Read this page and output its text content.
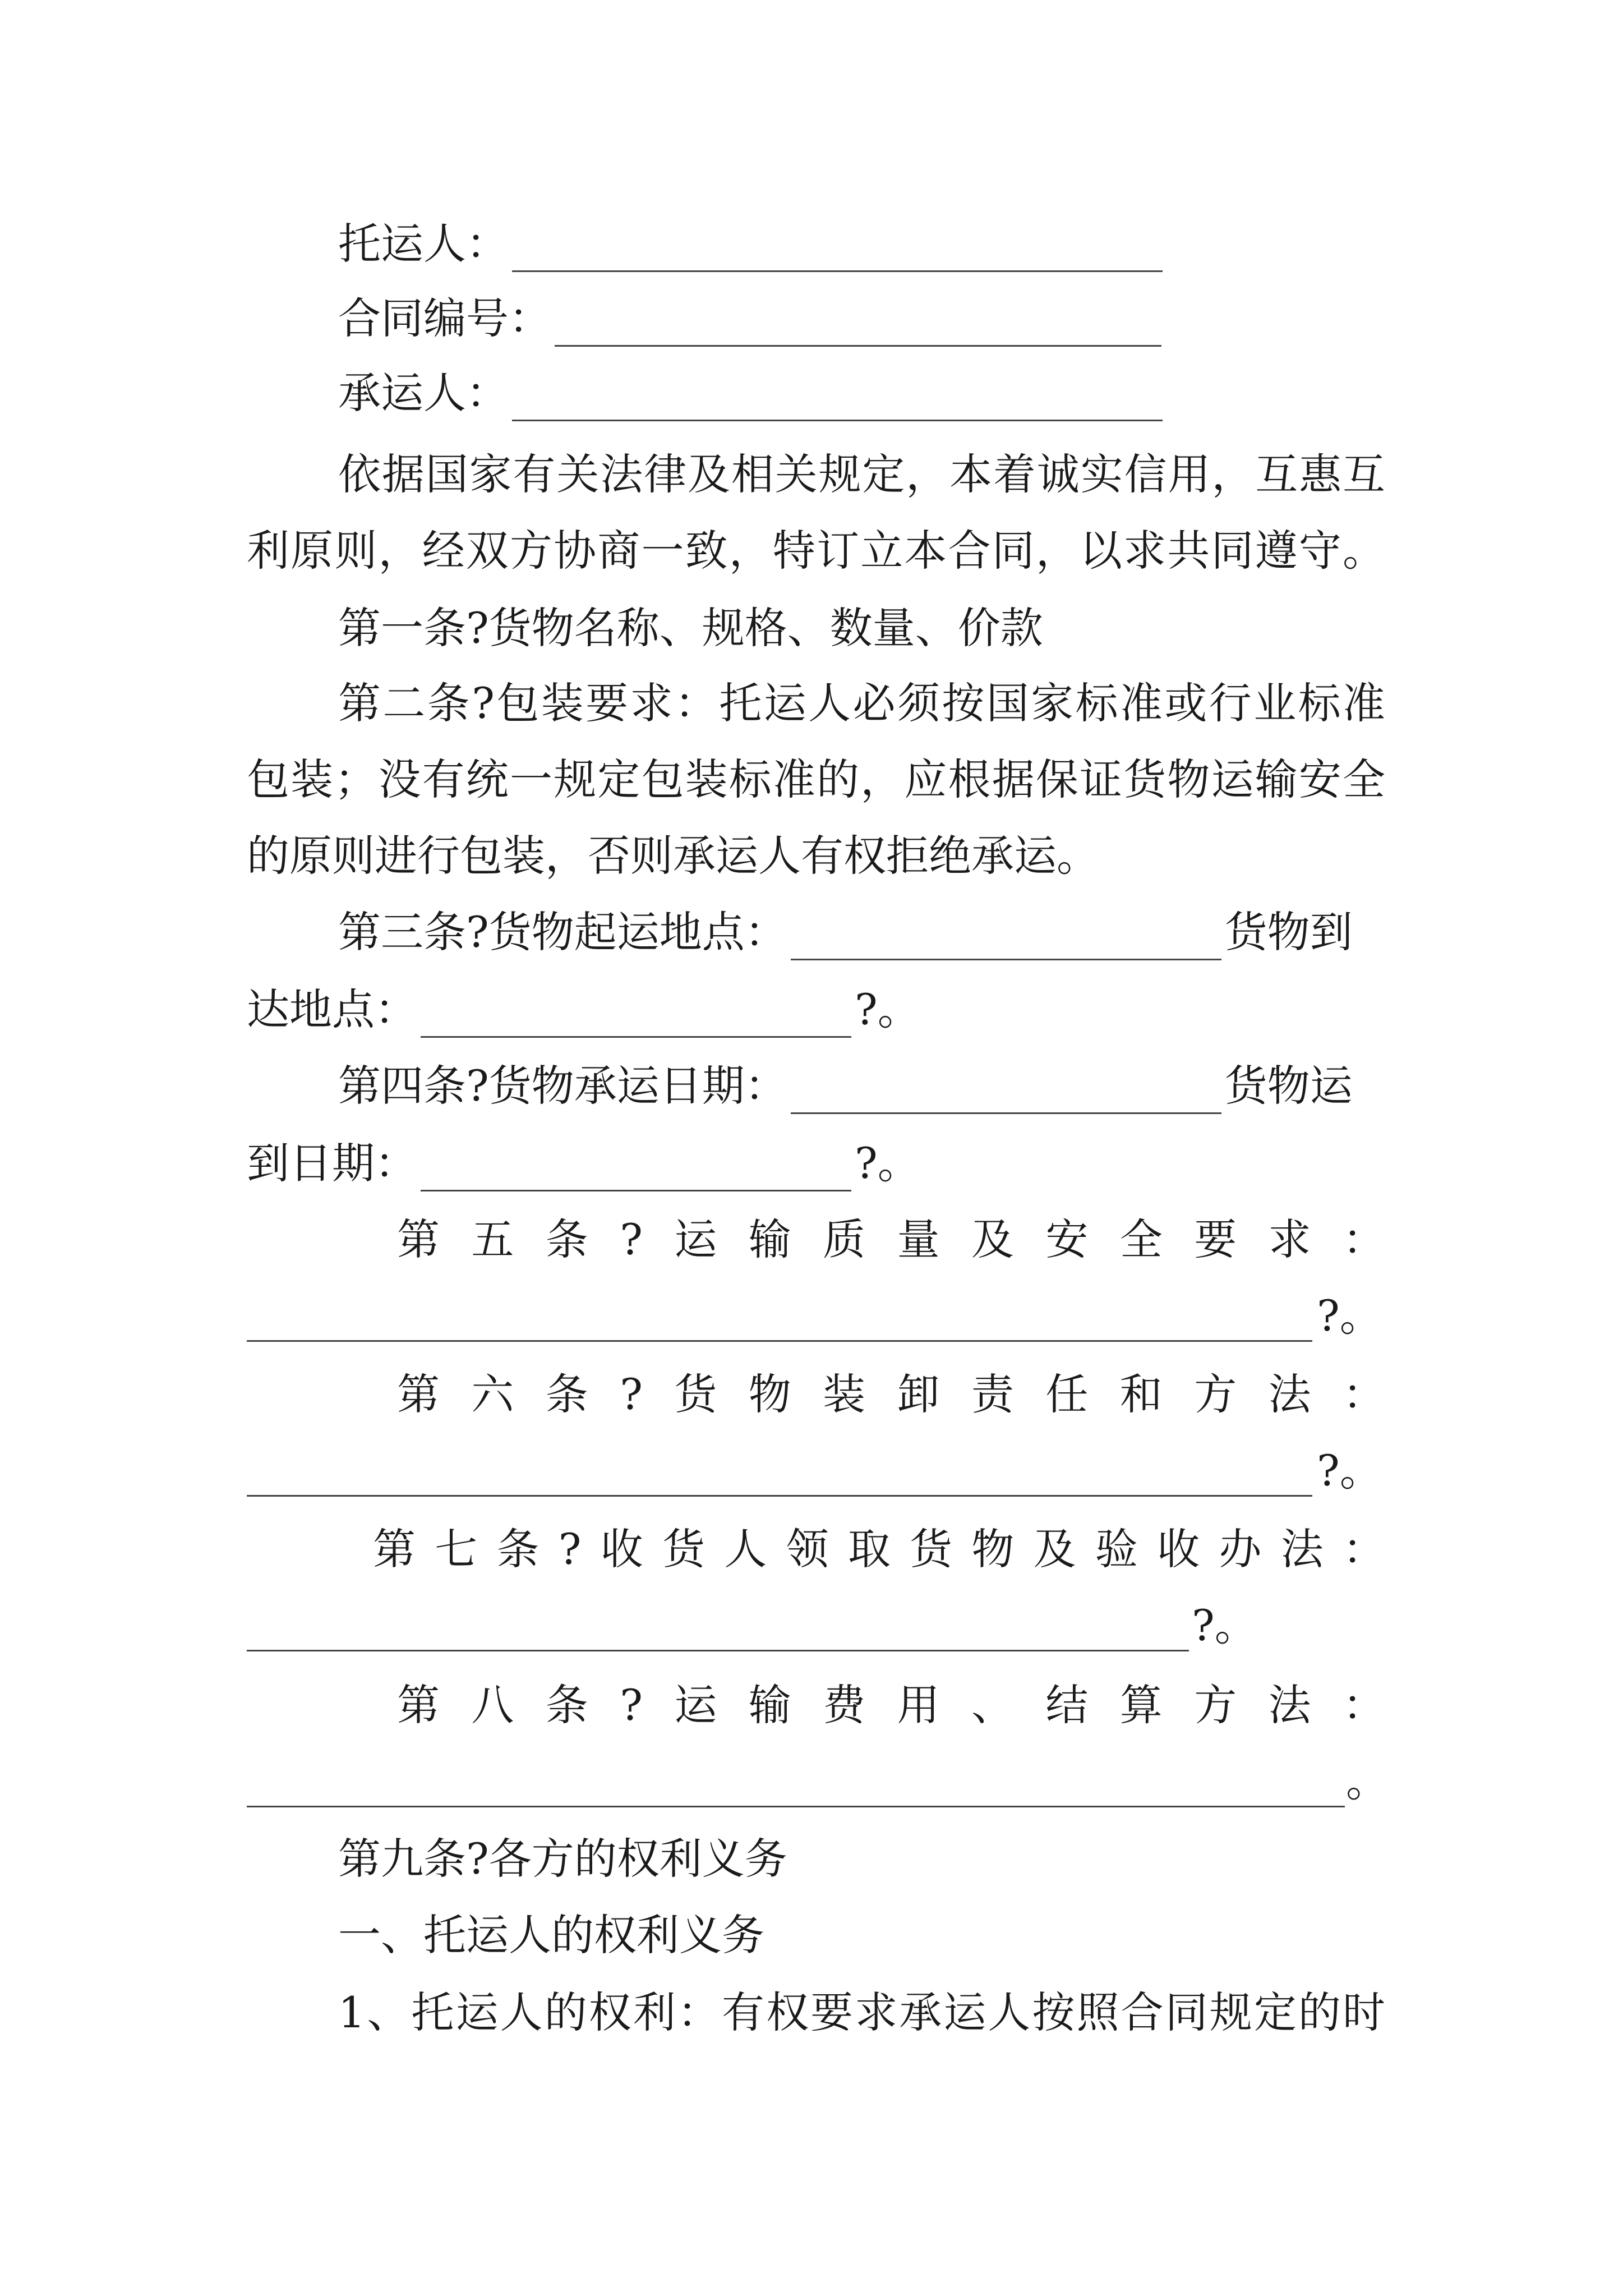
托运人：
合同编号：
承运人：
依据国家有关法律及相关规定，本着诚实信用，互惠互
利原则，经双方协商一致，特订立本合同，以求共同遵守。
第一条?货物名称、规格、数量、价款
第二条?包装要求：托运人必须按国家标准或行业标准
包装；没有统一规定包装标准的，应根据保证货物运输安全
的原则进行包装，否则承运人有权拒绝承运。
第三条?货物起运地点：	货物到
达地点：	?。
第四条?货物承运日期：	货物运
到日期：	?。
第五条?运输质量及安全要求：
?。
第六条?货物装卸责任和方法：
?。
第七条?收货人领取货物及验收办法：
?。
第八条?运输费用、结算方法：
。
第九条?各方的权利义务
一、托运人的权利义务
1、托运人的权利：有权要求承运人按照合同规定的时
